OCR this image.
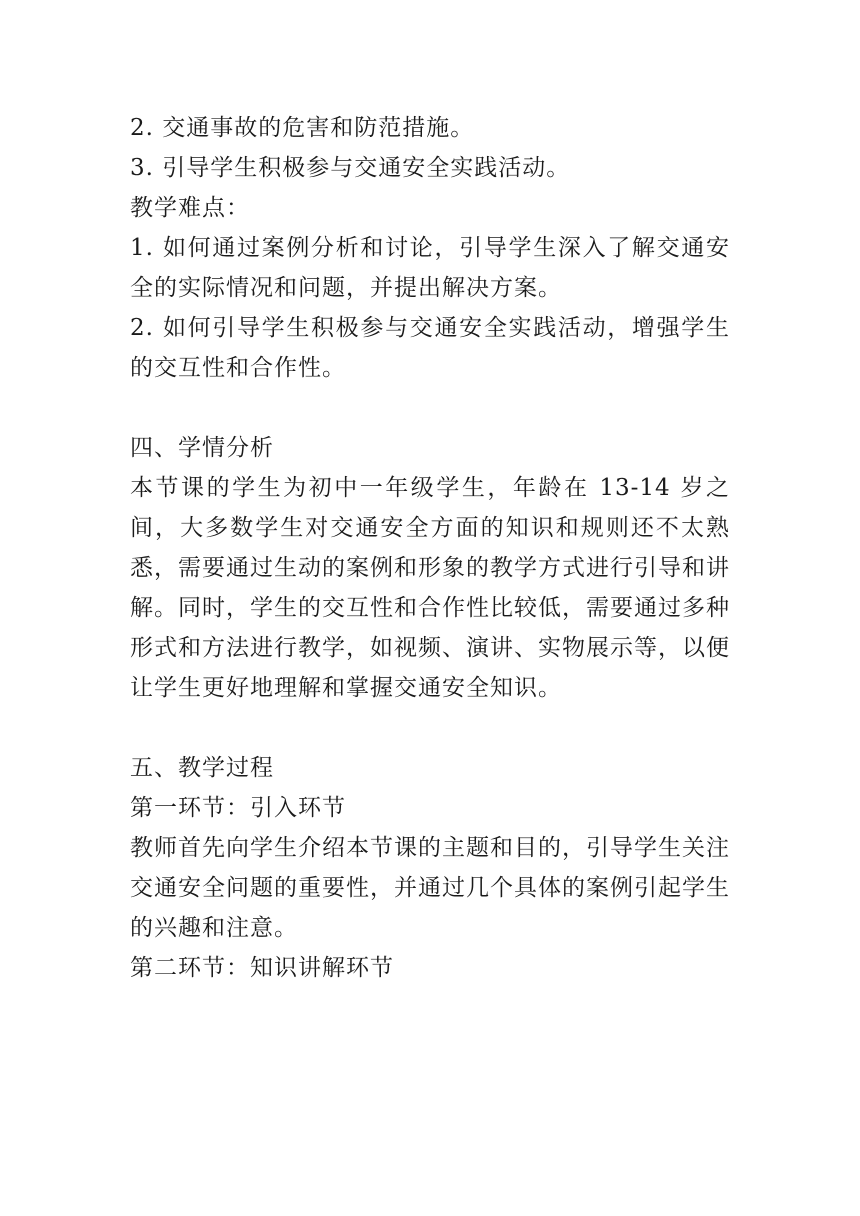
2. 交通事故的危害和防范措施。

3. 引导学生积极参与交通安全实践活动。

教学难点：

1. 如何通过案例分析和讨论，引导学生深入了解交通安全的实际情况和问题，并提出解决方案。

2. 如何引导学生积极参与交通安全实践活动，增强学生的交互性和合作性。

四、学情分析

本节课的学生为初中一年级学生，年龄在 13-14 岁之间，大多数学生对交通安全方面的知识和规则还不太熟悉，需要通过生动的案例和形象的教学方式进行引导和讲解。同时，学生的交互性和合作性比较低，需要通过多种形式和方法进行教学，如视频、演讲、实物展示等，以便让学生更好地理解和掌握交通安全知识。

五、教学过程

第一环节：引入环节

教师首先向学生介绍本节课的主题和目的，引导学生关注交通安全问题的重要性，并通过几个具体的案例引起学生的兴趣和注意。

第二环节：知识讲解环节
